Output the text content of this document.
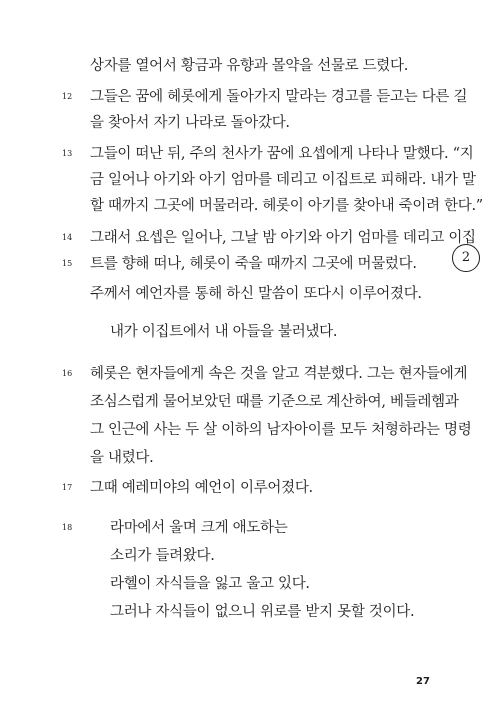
상자를 열어서 황금과 유향과 몰약을 선물로 드렸다.
그들은 꿈에 헤롯에게 돌아가지 말라는 경고를 듣고는 다른 길
을 찾아서 자기 나라로 돌아갔다.
그들이 떠난 뒤, 주의 천사가 꿈에 요셉에게 나타나 말했다. “지
금 일어나 아기와 아기 엄마를 데리고 이집트로 피해라. 내가 말
할 때까지 그곳에 머물러라. 헤롯이 아기를 찾아내 죽이려 한다.”
그래서 요셉은 일어나, 그날 밤 아기와 아기 엄마를 데리고 이집
트를 향해 떠나, 헤롯이 죽을 때까지 그곳에 머물렀다.
주께서 예언자를 통해 하신 말씀이 또다시 이루어졌다.
내가 이집트에서 내 아들을 불러냈다.
헤롯은 현자들에게 속은 것을 알고 격분했다. 그는 현자들에게
조심스럽게 물어보았던 때를 기준으로 계산하여, 베들레헴과
그 인근에 사는 두 살 이하의 남자아이를 모두 처형하라는 명령
을 내렸다.
그때 예레미야의 예언이 이루어졌다.
라마에서 울며 크게 애도하는
소리가 들려왔다.
라헬이 자식들을 잃고 울고 있다.
그러나 자식들이 없으니 위로를 받지 못할 것이다.
12
13
14
15
16
17
18
2
27
